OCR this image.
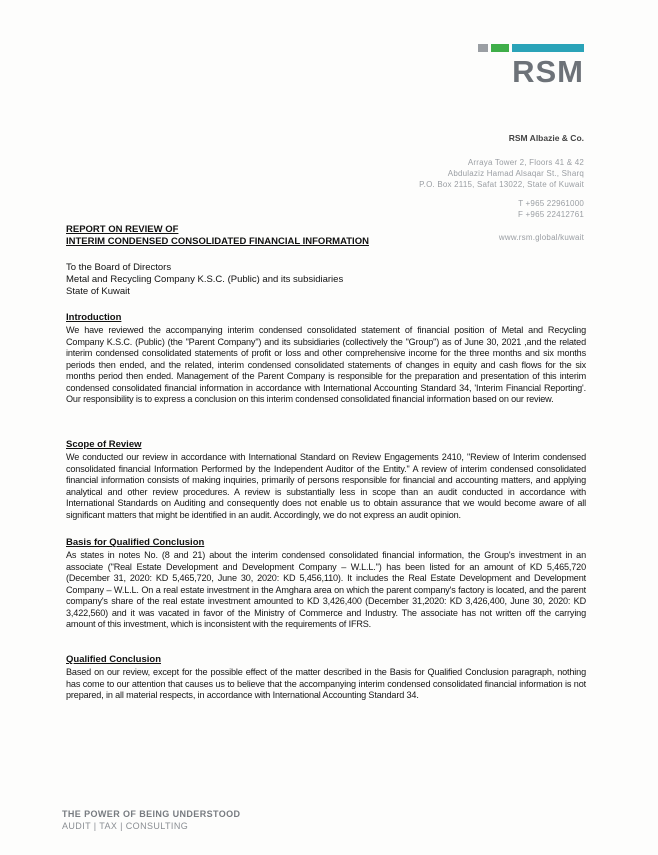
RSM
RSM Albazie & Co.
Arraya Tower 2, Floors 41 & 42
Abdulaziz Hamad Alsaqar St., Sharq
P.O. Box 2115, Safat 13022, State of Kuwait
T +965 22961000
F +965 22412761
www.rsm.global/kuwait
REPORT ON REVIEW OF
INTERIM CONDENSED CONSOLIDATED FINANCIAL INFORMATION
To the Board of Directors
Metal and Recycling Company K.S.C. (Public) and its subsidiaries
State of Kuwait
Introduction

We have reviewed the accompanying interim condensed consolidated statement of financial position of Metal and Recycling Company K.S.C. (Public) (the "Parent Company") and its subsidiaries (collectively the "Group") as of June 30, 2021 ,and the related interim condensed consolidated statements of profit or loss and other comprehensive income for the three months and six months periods then ended, and the related, interim condensed consolidated statements of changes in equity and cash flows for the six months period then ended. Management of the Parent Company is responsible for the preparation and presentation of this interim condensed consolidated financial information in accordance with International Accounting Standard 34, 'Interim Financial Reporting'. Our responsibility is to express a conclusion on this interim condensed consolidated financial information based on our review.

Scope of Review

We conducted our review in accordance with International Standard on Review Engagements 2410, "Review of Interim condensed consolidated financial Information Performed by the Independent Auditor of the Entity." A review of interim condensed consolidated financial information consists of making inquiries, primarily of persons responsible for financial and accounting matters, and applying analytical and other review procedures. A review is substantially less in scope than an audit conducted in accordance with International Standards on Auditing and consequently does not enable us to obtain assurance that we would become aware of all significant matters that might be identified in an audit. Accordingly, we do not express an audit opinion.

Basis for Qualified Conclusion

As states in notes No. (8 and 21) about the interim condensed consolidated financial information, the Group's investment in an associate ("Real Estate Development and Development Company – W.L.L.") has been listed for an amount of KD 5,465,720 (December 31, 2020: KD 5,465,720, June 30, 2020: KD 5,456,110). It includes the Real Estate Development and Development Company – W.L.L. On a real estate investment in the Amghara area on which the parent company's factory is located, and the parent company's share of the real estate investment amounted to KD 3,426,400 (December 31,2020: KD 3,426,400, June 30, 2020: KD 3,422,560) and it was vacated in favor of the Ministry of Commerce and Industry. The associate has not written off the carrying amount of this investment, which is inconsistent with the requirements of IFRS.

Qualified Conclusion

Based on our review, except for the possible effect of the matter described in the Basis for Qualified Conclusion paragraph, nothing has come to our attention that causes us to believe that the accompanying interim condensed consolidated financial information is not prepared, in all material respects, in accordance with International Accounting Standard 34.

THE POWER OF BEING UNDERSTOOD
AUDIT | TAX | CONSULTING
